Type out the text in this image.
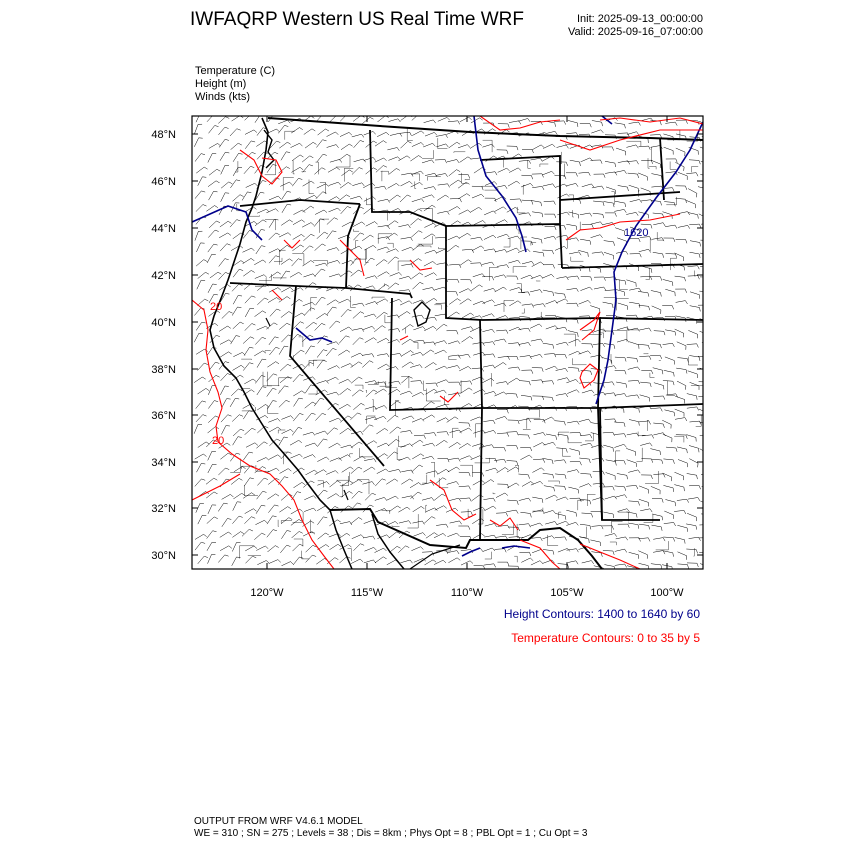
IWFAQRP Western US Real Time WRF	Init: 2025-09-13_00:00:00
Valid: 2025-09-16_07:00:00
Temperature (C)
Height (m)
Winds (kts)
1620
20
20
48°N
46°N
44°N
42°N
40°N
38°N
36°N
34°N
32°N
30°N
120°W	115°W	110°W	105°W	100°W
Height Contours: 1400 to 1640 by 60
Temperature Contours: 0 to 35 by 5
OUTPUT FROM WRF V4.6.1 MODEL
WE = 310 ; SN = 275 ; Levels = 38 ; Dis = 8km ; Phys Opt = 8 ; PBL Opt = 1 ; Cu Opt = 3
